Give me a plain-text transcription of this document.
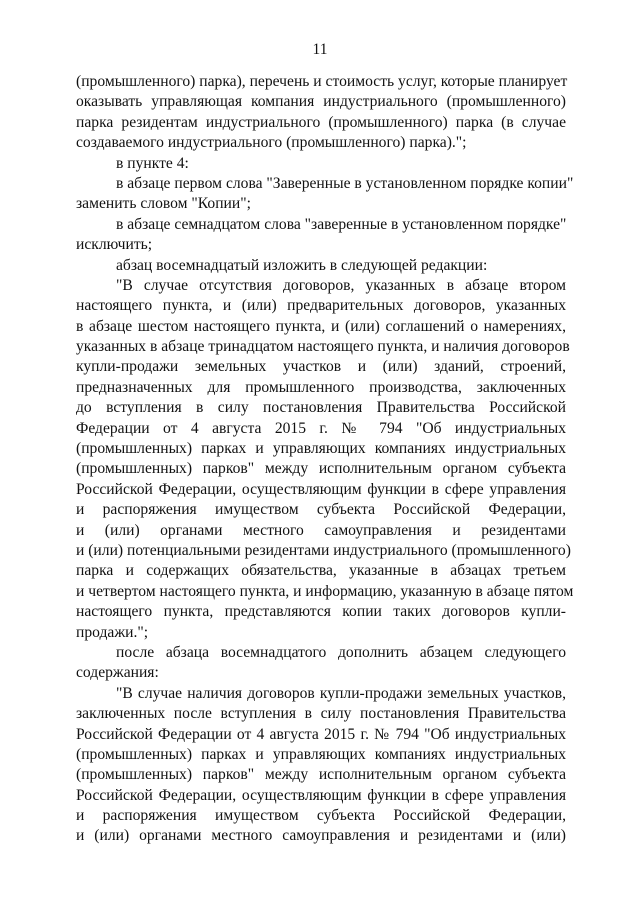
11
(промышленного) парка), перечень и стоимость услуг, которые планирует
оказывать управляющая компания индустриального (промышленного)
парка резидентам индустриального (промышленного) парка (в случае
создаваемого индустриального (промышленного) парка).";
в пункте 4:
в абзаце первом слова "Заверенные в установленном порядке копии"
заменить словом "Копии";
в абзаце семнадцатом слова "заверенные в установленном порядке"
исключить;
абзац восемнадцатый изложить в следующей редакции:
"В случае отсутствия договоров, указанных в абзаце втором
настоящего пункта, и (или) предварительных договоров, указанных
в абзаце шестом настоящего пункта, и (или) соглашений о намерениях,
указанных в абзаце тринадцатом настоящего пункта, и наличия договоров
купли-продажи земельных участков и (или) зданий, строений,
предназначенных для промышленного производства, заключенных
до вступления в силу постановления Правительства Российской
Федерации от 4 августа 2015 г. № 794 "Об индустриальных
(промышленных) парках и управляющих компаниях индустриальных
(промышленных) парков" между исполнительным органом субъекта
Российской Федерации, осуществляющим функции в сфере управления
и распоряжения имуществом субъекта Российской Федерации,
и (или) органами местного самоуправления и резидентами
и (или) потенциальными резидентами индустриального (промышленного)
парка и содержащих обязательства, указанные в абзацах третьем
и четвертом настоящего пункта, и информацию, указанную в абзаце пятом
настоящего пункта, представляются копии таких договоров купли-
продажи.";
после абзаца восемнадцатого дополнить абзацем следующего
содержания:
"В случае наличия договоров купли-продажи земельных участков,
заключенных после вступления в силу постановления Правительства
Российской Федерации от 4 августа 2015 г. № 794 "Об индустриальных
(промышленных) парках и управляющих компаниях индустриальных
(промышленных) парков" между исполнительным органом субъекта
Российской Федерации, осуществляющим функции в сфере управления
и распоряжения имуществом субъекта Российской Федерации,
и (или) органами местного самоуправления и резидентами и (или)
